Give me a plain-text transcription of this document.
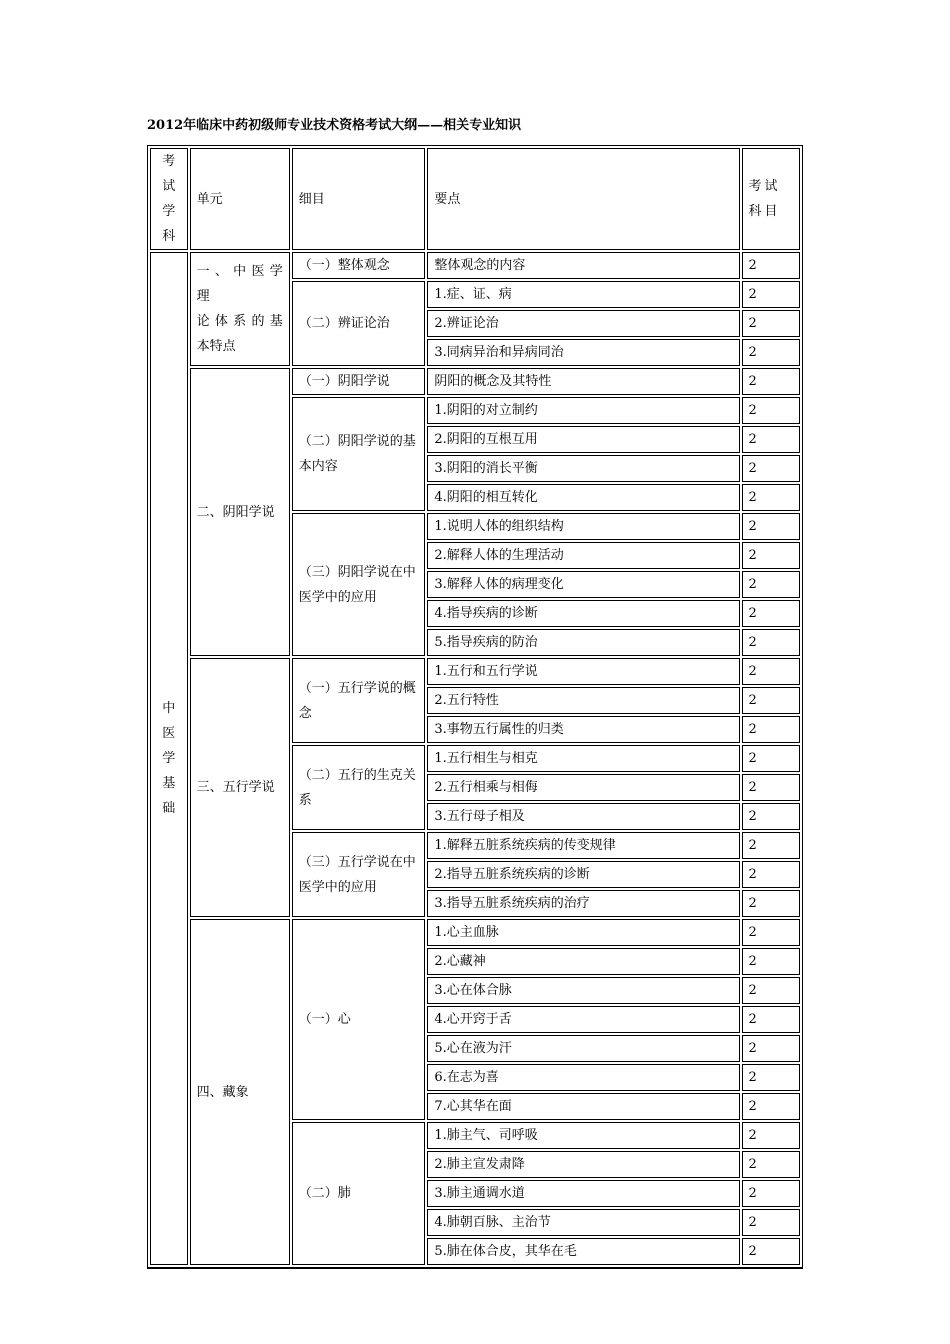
2012年临床中药初级师专业技术资格考试大纲——相关专业知识
考试学科	单元	细目	要点	考试科目

中医学基础	一、中医学
理
论体系的基
本特点	（一）整体观念	整体观念的内容	2
		（二）辨证论治	1.症、证、病	2
			2.辨证论治	2
			3.同病异治和异病同治	2

	二、阴阳学说	（一）阴阳学说	阴阳的概念及其特性	2
		（二）阴阳学说的基本内容	1.阴阳的对立制约	2
			2.阴阳的互根互用	2
			3.阴阳的消长平衡	2
			4.阴阳的相互转化	2
		（三）阴阳学说在中医学中的应用	1.说明人体的组织结构	2
			2.解释人体的生理活动	2
			3.解释人体的病理变化	2
			4.指导疾病的诊断	2
			5.指导疾病的防治	2

	三、五行学说	（一）五行学说的概念	1.五行和五行学说	2
			2.五行特性	2
			3.事物五行属性的归类	2
		（二）五行的生克关系	1.五行相生与相克	2
			2.五行相乘与相侮	2
			3.五行母子相及	2
		（三）五行学说在中医学中的应用	1.解释五脏系统疾病的传变规律	2
			2.指导五脏系统疾病的诊断	2
			3.指导五脏系统疾病的治疗	2
	四、藏象	（一）心	1.心主血脉	2
			2.心藏神	2
			3.心在体合脉	2
			4.心开窍于舌	2
			5.心在液为汗	2
			6.在志为喜	2
			7.心其华在面	2
		（二）肺	1.肺主气、司呼吸	2
			2.肺主宣发肃降	2
			3.肺主通调水道	2
			4.肺朝百脉、主治节	2
			5.肺在体合皮，其华在毛	2
